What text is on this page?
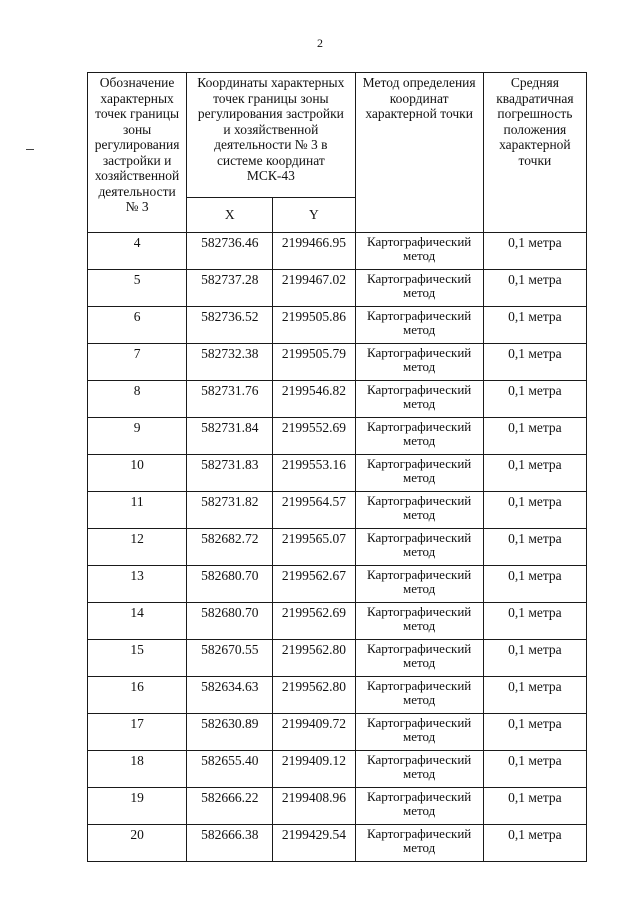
2
Обозначение характерных точек границы зоны регулирования застройки и хозяйственной деятельности № 3	Координаты характерных точек границы зоны регулирования застройки и хозяйственной деятельности № 3 в системе координат МСК-43		Метод определения координат характерной точки	Средняя квадратичная погрешность положения характерной точки
	X	Y		
4	582736.46	2199466.95	Картографический метод	0,1 метра
5	582737.28	2199467.02	Картографический метод	0,1 метра
6	582736.52	2199505.86	Картографический метод	0,1 метра
7	582732.38	2199505.79	Картографический метод	0,1 метра
8	582731.76	2199546.82	Картографический метод	0,1 метра
9	582731.84	2199552.69	Картографический метод	0,1 метра
10	582731.83	2199553.16	Картографический метод	0,1 метра
11	582731.82	2199564.57	Картографический метод	0,1 метра
12	582682.72	2199565.07	Картографический метод	0,1 метра
13	582680.70	2199562.67	Картографический метод	0,1 метра
14	582680.70	2199562.69	Картографический метод	0,1 метра
15	582670.55	2199562.80	Картографический метод	0,1 метра
16	582634.63	2199562.80	Картографический метод	0,1 метра
17	582630.89	2199409.72	Картографический метод	0,1 метра
18	582655.40	2199409.12	Картографический метод	0,1 метра
19	582666.22	2199408.96	Картографический метод	0,1 метра
20	582666.38	2199429.54	Картографический метод	0,1 метра
